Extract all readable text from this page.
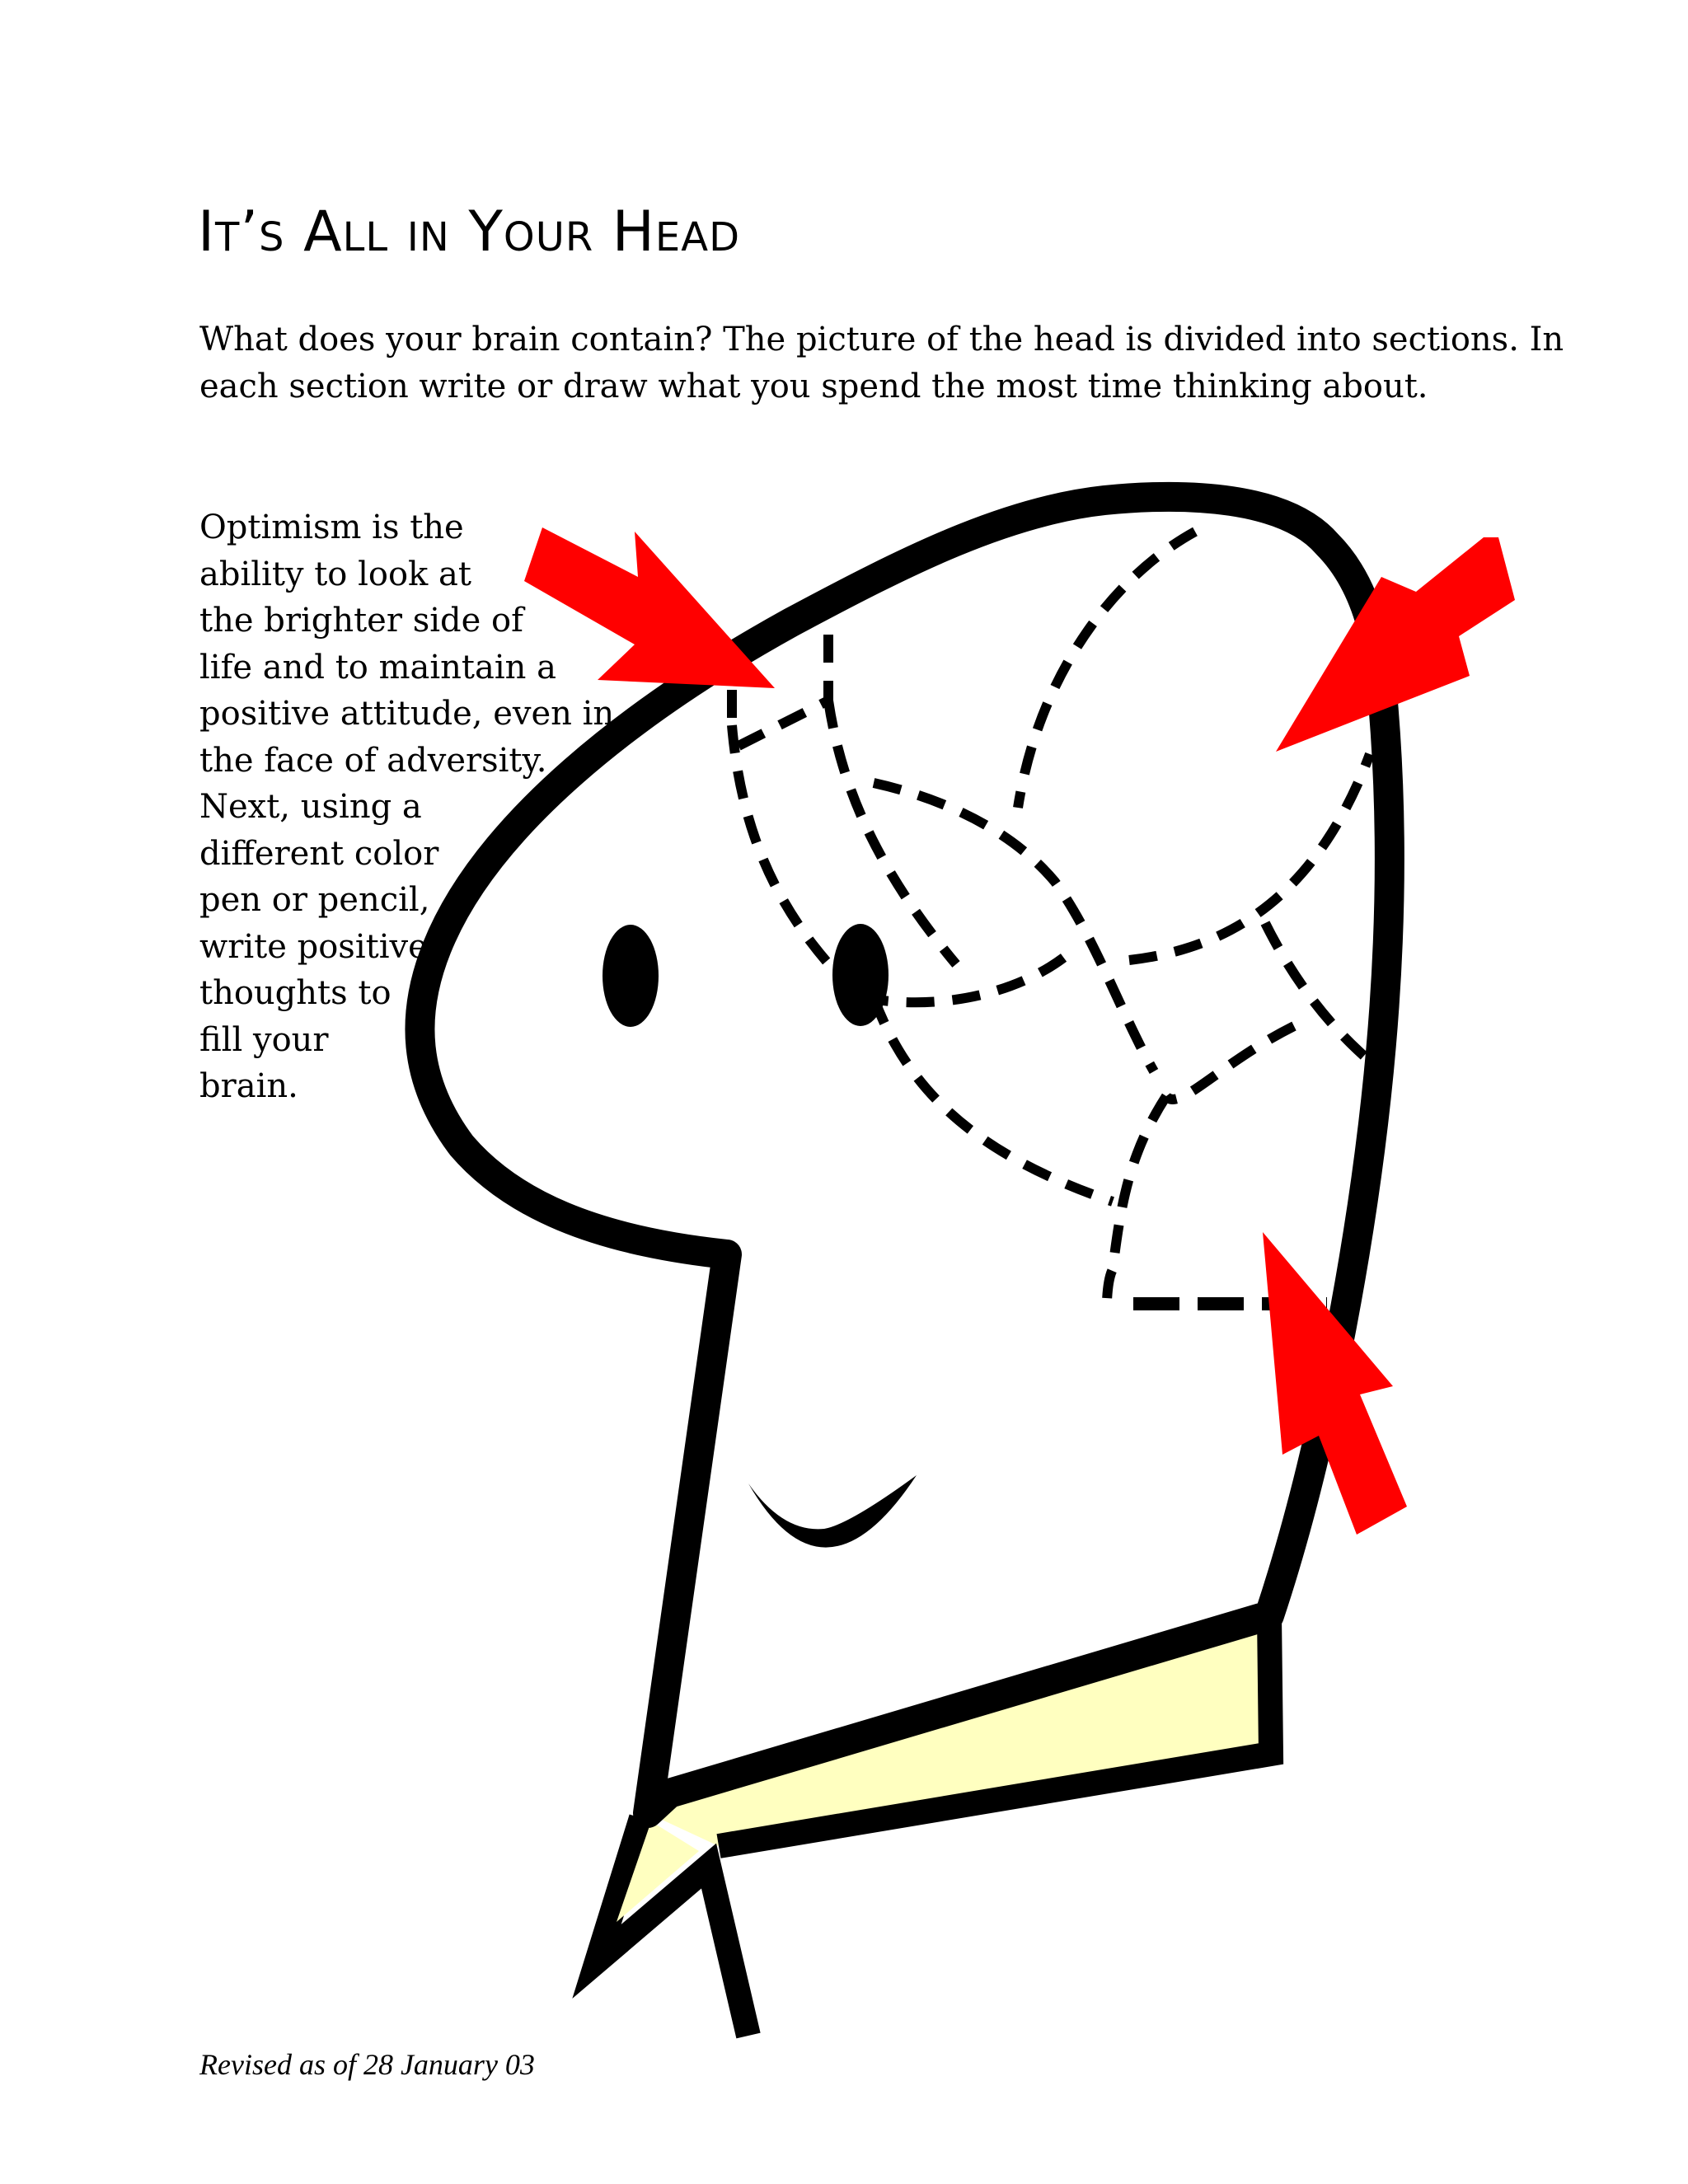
It’s All in Your Head
What does your brain contain? The picture of the head is divided into sections. In
each section write or draw what you spend the most time thinking about.
Optimism is the
ability to look at
the brighter side of
life and to maintain a
positive attitude, even in
the face of adversity.
Next, using a
different color
pen or pencil,
write positive
thoughts to
fill your
brain.

Revised as of 28 January 03
